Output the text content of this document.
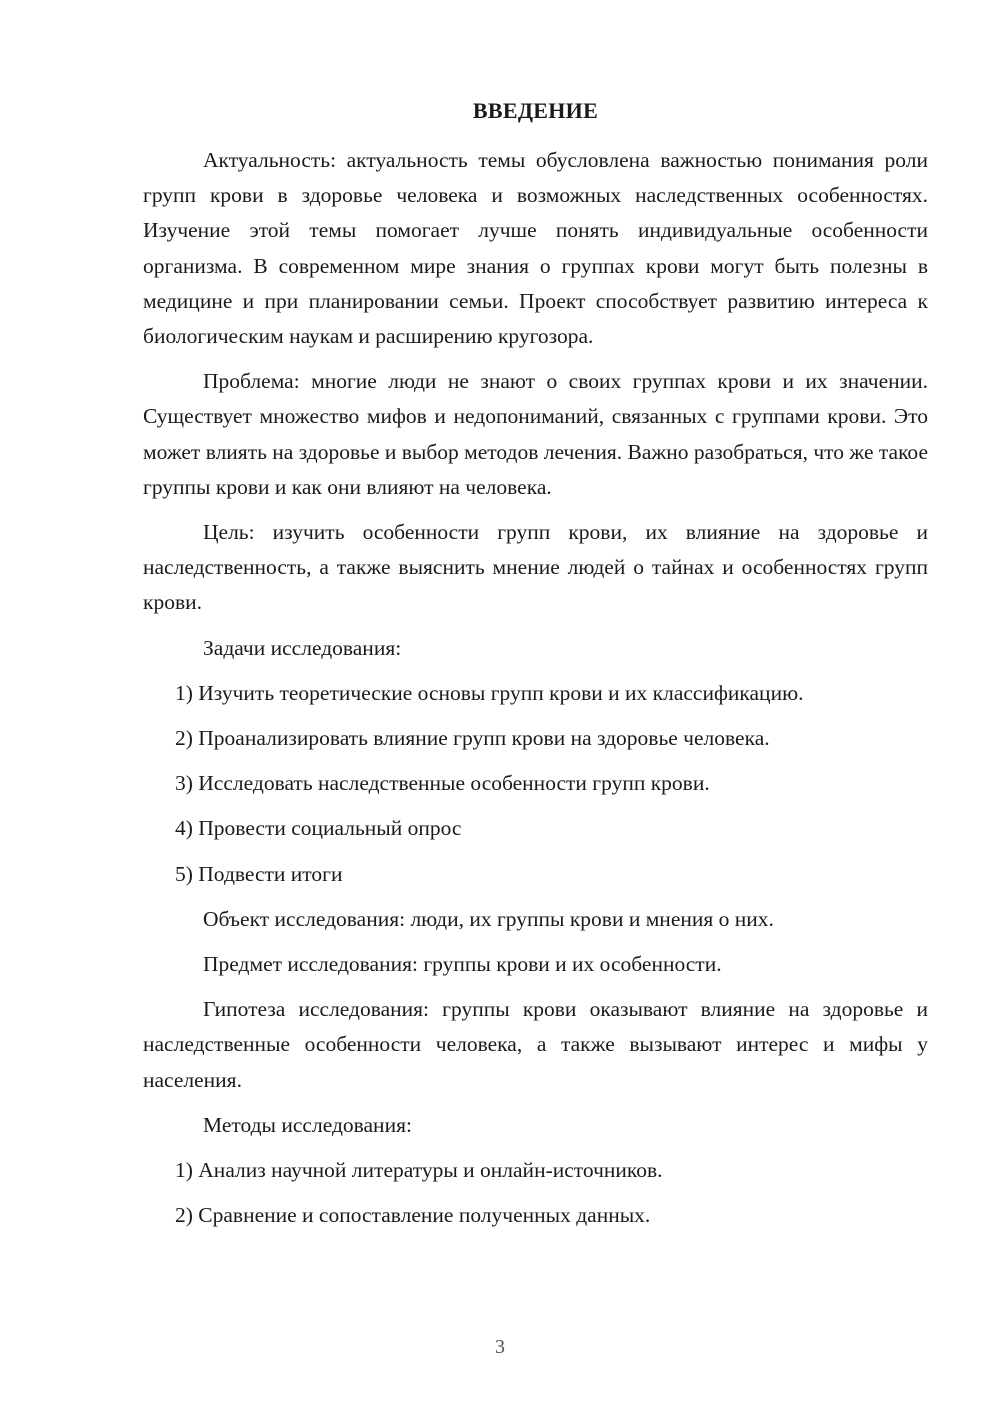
ВВЕДЕНИЕ

Актуальность: актуальность темы обусловлена важностью понимания роли групп крови в здоровье человека и возможных наследственных особенностях. Изучение этой темы помогает лучше понять индивидуальные особенности организма. В современном мире знания о группах крови могут быть полезны в медицине и при планировании семьи. Проект способствует развитию интереса к биологическим наукам и расширению кругозора.

Проблема: многие люди не знают о своих группах крови и их значении. Существует множество мифов и недопониманий, связанных с группами крови. Это может влиять на здоровье и выбор методов лечения. Важно разобраться, что же такое группы крови и как они влияют на человека.

Цель: изучить особенности групп крови, их влияние на здоровье и наследственность, а также выяснить мнение людей о тайнах и особенностях групп крови.

Задачи исследования:

1) Изучить теоретические основы групп крови и их классификацию.

2) Проанализировать влияние групп крови на здоровье человека.

3) Исследовать наследственные особенности групп крови.

4) Провести социальный опрос

5) Подвести итоги

Объект исследования: люди, их группы крови и мнения о них.

Предмет исследования: группы крови и их особенности.

Гипотеза исследования: группы крови оказывают влияние на здоровье и наследственные особенности человека, а также вызывают интерес и мифы у населения.

Методы исследования:

1) Анализ научной литературы и онлайн-источников.

2) Сравнение и сопоставление полученных данных.

3
